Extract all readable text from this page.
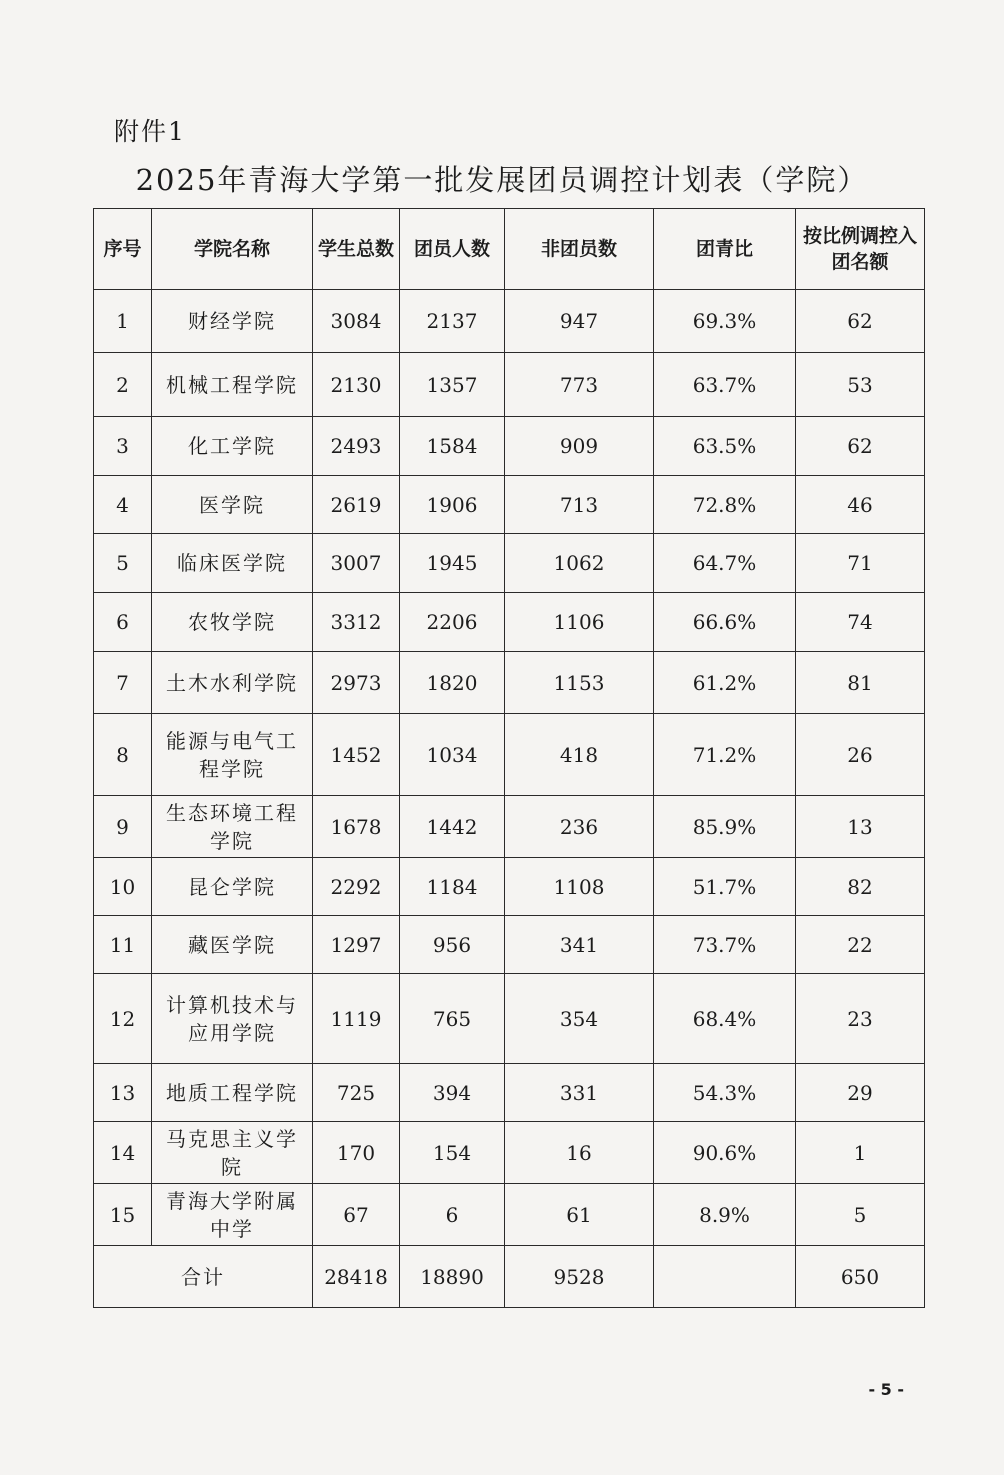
附件1
2025年青海大学第一批发展团员调控计划表（学院）
序号	学院名称	学生总数	团员人数	非团员数	团青比	按比例调控入团名额
1	财经学院	3084	2137	947	69.3%	62
2	机械工程学院	2130	1357	773	63.7%	53
3	化工学院	2493	1584	909	63.5%	62
4	医学院	2619	1906	713	72.8%	46
5	临床医学院	3007	1945	1062	64.7%	71
6	农牧学院	3312	2206	1106	66.6%	74
7	土木水利学院	2973	1820	1153	61.2%	81
8	能源与电气工程学院	1452	1034	418	71.2%	26
9	生态环境工程学院	1678	1442	236	85.9%	13
10	昆仑学院	2292	1184	1108	51.7%	82
11	藏医学院	1297	956	341	73.7%	22
12	计算机技术与应用学院	1119	765	354	68.4%	23
13	地质工程学院	725	394	331	54.3%	29
14	马克思主义学院	170	154	16	90.6%	1
15	青海大学附属中学	67	6	61	8.9%	5
合计		28418	18890	9528		650
- 5 -
